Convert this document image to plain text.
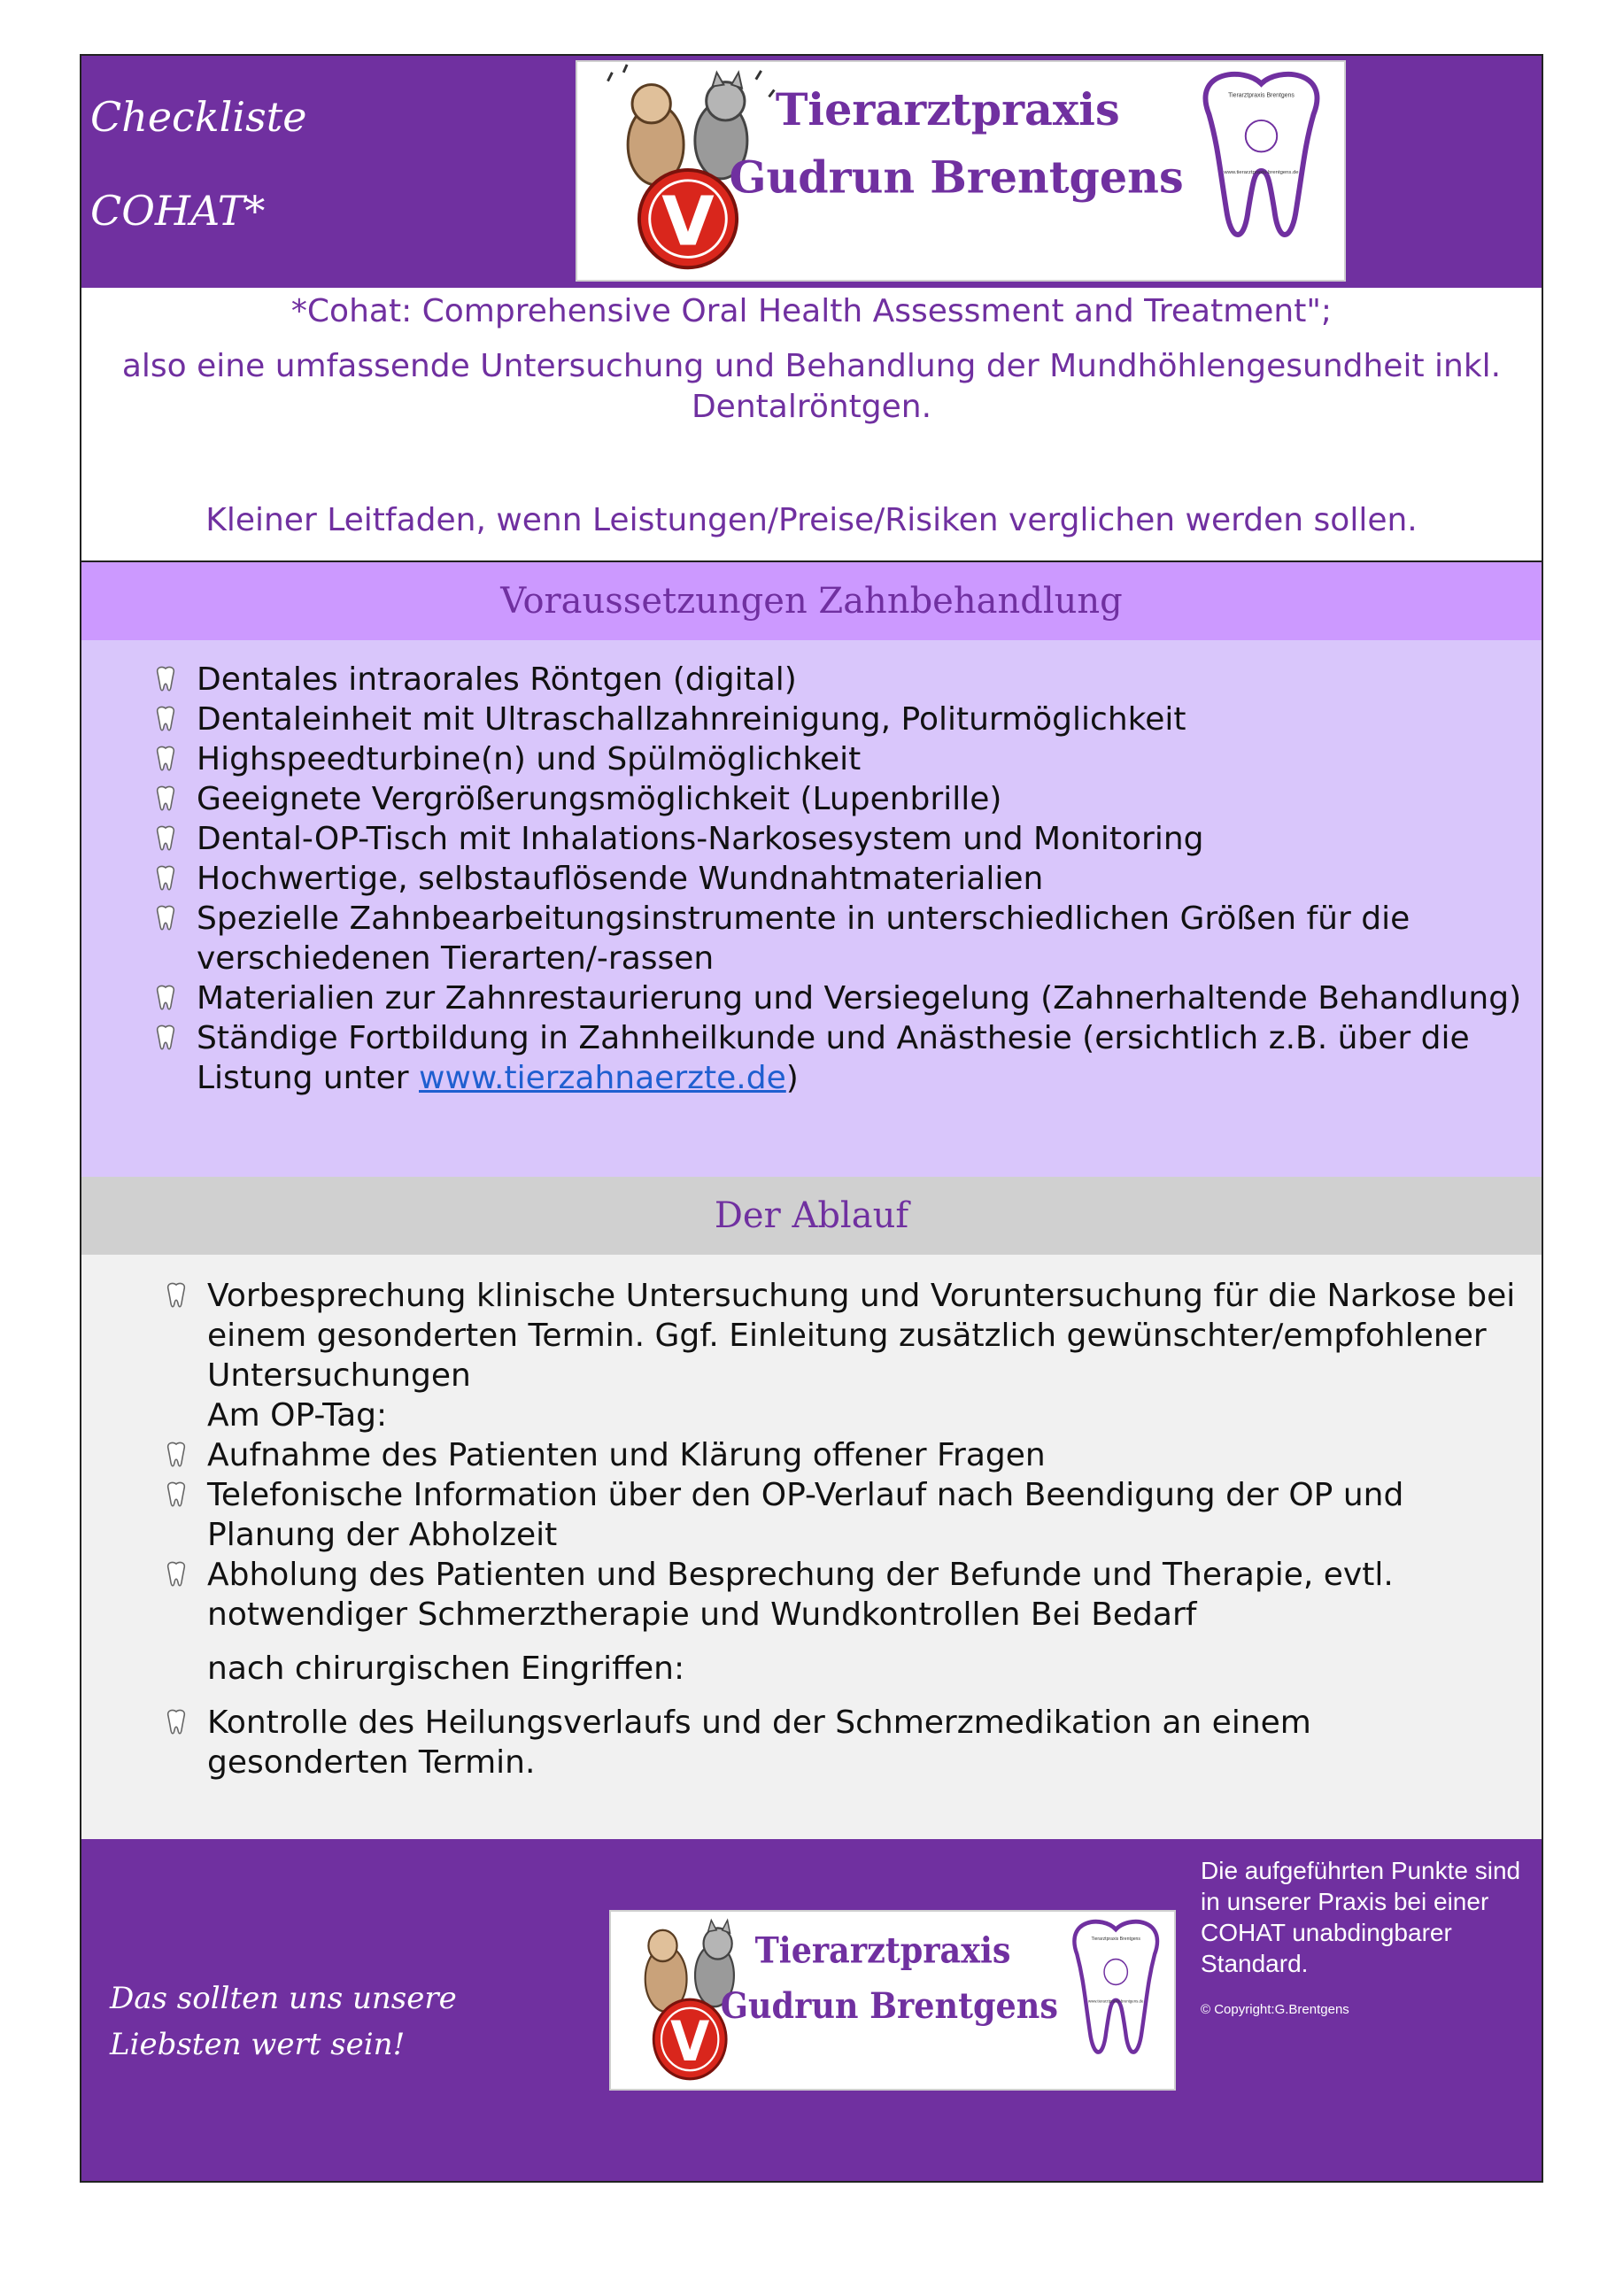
Checkliste
COHAT*	V
Tierarztpraxis
Gudrun Brentgens
Tierarztpraxis Brentgens
www.tierarztpraxis-brentgens.de

*Cohat: Comprehensive Oral Health Assessment and Treatment";

also eine umfassende Untersuchung und Behandlung der Mundhöhlengesundheit inkl. Dentalröntgen.

Kleiner Leitfaden, wenn Leistungen/Preise/Risiken verglichen werden sollen.

Voraussetzungen Zahnbehandlung
Dentales intraorales Röntgen (digital)
Dentaleinheit mit Ultraschallzahnreinigung, Politurmöglichkeit
Highspeedturbine(n) und Spülmöglichkeit
Geeignete Vergrößerungsmöglichkeit (Lupenbrille)
Dental-OP-Tisch mit Inhalations-Narkosesystem und Monitoring
Hochwertige, selbstauflösende Wundnahtmaterialien
Spezielle Zahnbearbeitungsinstrumente in unterschiedlichen Größen für die verschiedenen Tierarten/-rassen
Materialien zur Zahnrestaurierung und Versiegelung (Zahnerhaltende Behandlung)
Ständige Fortbildung in Zahnheilkunde und Anästhesie (ersichtlich z.B. über die Listung unter www.tierzahnaerzte.de)
Der Ablauf
Vorbesprechung klinische Untersuchung und Voruntersuchung für die Narkose bei einem gesonderten Termin. Ggf. Einleitung zusätzlich gewünschter/empfohlener Untersuchungen
Am OP-Tag:
Aufnahme des Patienten und Klärung offener Fragen
Telefonische Information über den OP-Verlauf nach Beendigung der OP und Planung der Abholzeit
Abholung des Patienten und Besprechung der Befunde und Therapie, evtl. notwendiger Schmerztherapie und Wundkontrollen Bei Bedarf
nach chirurgischen Eingriffen:
Kontrolle des Heilungsverlaufs und der Schmerzmedikation an einem gesonderten Termin.
Das sollten uns unsere
Liebsten wert sein!
Die aufgeführten Punkte sind in unserer Praxis bei einer COHAT unabdingbarer Standard.
© Copyright:G.Brentgens
V
Tierarztpraxis
Gudrun Brentgens
Tierarztpraxis Brentgens
www.tierarztpraxis-brentgens.de
